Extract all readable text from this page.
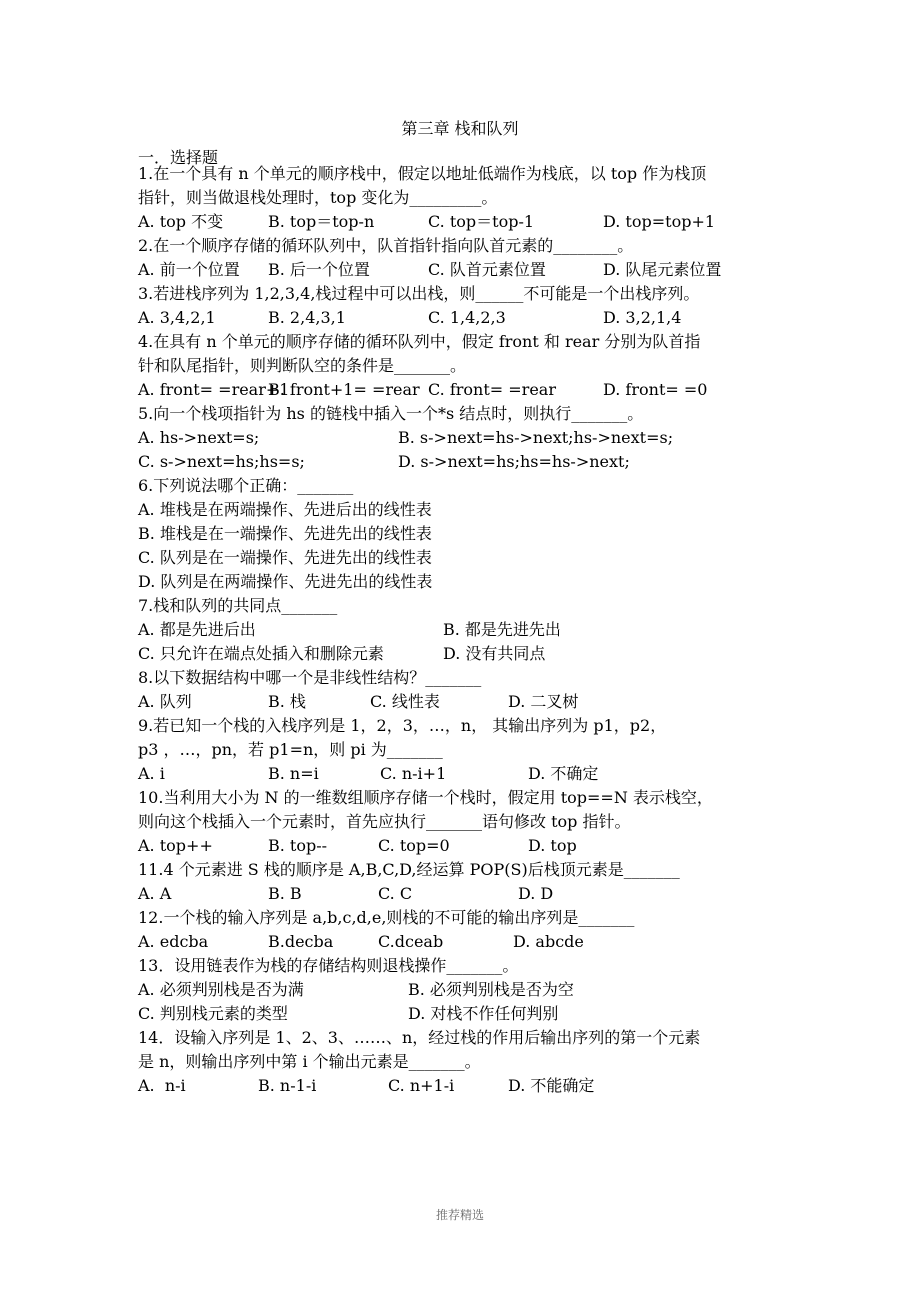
第三章 栈和队列
一．选择题
1.在一个具有 n 个单元的顺序栈中，假定以地址低端作为栈底，以 top 作为栈顶
指针，则当做退栈处理时，top 变化为_________。
A. top 不变	B. top＝top-n	C. top＝top-1	D. top=top+1
2.在一个顺序存储的循环队列中，队首指针指向队首元素的________。
A. 前一个位置 B. 后一个位置	C. 队首元素位置	D. 队尾元素位置
3.若进栈序列为 1,2,3,4,栈过程中可以出栈，则______不可能是一个出栈序列。
A. 3,4,2,1	B. 2,4,3,1	C. 1,4,2,3	D. 3,2,1,4
4.在具有 n 个单元的顺序存储的循环队列中，假定 front 和 rear 分别为队首指
针和队尾指针，则判断队空的条件是_______。
A. front= =rear+1
B. front+1= =rear C. front= =rear	D. front= =0
5.向一个栈项指针为 hs 的链栈中插入一个*s 结点时，则执行_______。
A. hs->next=s;	B. s->next=hs->next;hs->next=s;
C. s->next=hs;hs=s;	D. s->next=hs;hs=hs->next;
6.下列说法哪个正确：_______
A. 堆栈是在两端操作、先进后出的线性表
B. 堆栈是在一端操作、先进先出的线性表
C. 队列是在一端操作、先进先出的线性表
D. 队列是在两端操作、先进先出的线性表
7.栈和队列的共同点_______
A. 都是先进后出	B. 都是先进先出
C. 只允许在端点处插入和删除元素	D. 没有共同点
8.以下数据结构中哪一个是非线性结构？_______
A. 队列	B. 栈	C. 线性表	D. 二叉树
9.若已知一个栈的入栈序列是 1，2，3，…，n， 其输出序列为 p1，p2，
p3 ，…，pn，若 p1=n，则 pi 为_______
A. i	B. n=i	C. n-i+1	D. 不确定
10.当利用大小为 N 的一维数组顺序存储一个栈时，假定用 top==N 表示栈空，
则向这个栈插入一个元素时，首先应执行_______语句修改 top 指针。
A. top++	B. top--	C. top=0	D. top
11.4 个元素进 S 栈的顺序是 A,B,C,D,经运算 POP(S)后栈顶元素是_______
A. A	B. B	C. C	D. D
12.一个栈的输入序列是 a,b,c,d,e,则栈的不可能的输出序列是_______
A. edcba	B.decba	C.dceab	D. abcde
13．设用链表作为栈的存储结构则退栈操作_______。
A. 必须判别栈是否为满	B. 必须判别栈是否为空
C. 判别栈元素的类型	D. 对栈不作任何判别
14．设输入序列是 1、2、3、……、n，经过栈的作用后输出序列的第一个元素
是 n，则输出序列中第 i 个输出元素是_______。
A.  n-i	B. n-1-i	C. n+1-i	D. 不能确定
推荐精选
